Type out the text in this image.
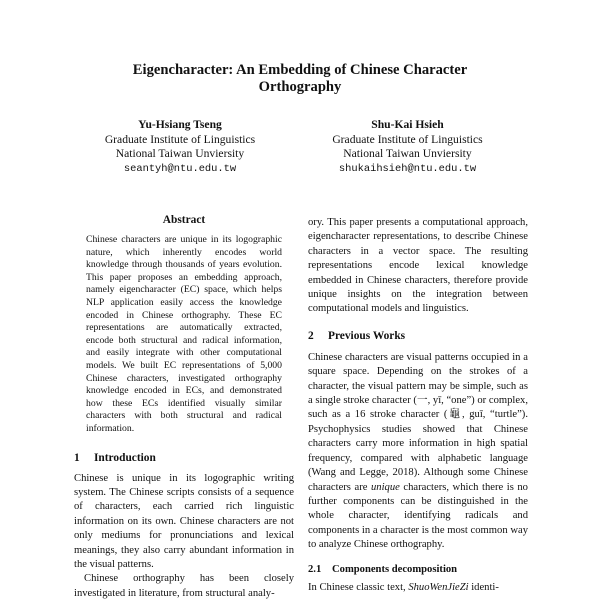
Eigencharacter: An Embedding of Chinese Character
Orthography
Yu-Hsiang Tseng
Graduate Institute of Linguistics
National Taiwan Unviersity
seantyh@ntu.edu.tw
Shu-Kai Hsieh
Graduate Institute of Linguistics
National Taiwan Unviersity
shukaihsieh@ntu.edu.tw
Abstract

Chinese characters are unique in its logographic nature, which inherently encodes world knowledge through thousands of years evolution. This paper proposes an embedding approach, namely eigencharacter (EC) space, which helps NLP application easily access the knowledge encoded in Chinese orthography. These EC representations are automatically extracted, encode both structural and radical information, and easily integrate with other computational models. We built EC representations of 5,000 Chinese characters, investigated orthography knowledge encoded in ECs, and demonstrated how these ECs identified visually similar characters with both structural and radical information.

1 Introduction

Chinese is unique in its logographic writing system. The Chinese scripts consists of a sequence of characters, each carried rich linguistic information on its own. Chinese characters are not only mediums for pronunciations and lexical meanings, they also carry abundant information in the visual patterns.

Chinese orthography has been closely investigated in literature, from structural analy-

ory. This paper presents a computational approach, eigencharacter representations, to describe Chinese characters in a vector space. The resulting representations encode lexical knowledge embedded in Chinese characters, therefore provide unique insights on the integration between computational models and linguistics.

2 Previous Works

Chinese characters are visual patterns occupied in a square space. Depending on the strokes of a character, the visual pattern may be simple, such as a single stroke character (一, yī, “one”) or complex, such as a 16 stroke character (龜, guī, “turtle”). Psychophysics studies showed that Chinese characters carry more information in high spatial frequency, compared with alphabetic language (Wang and Legge, 2018). Although some Chinese characters are unique characters, which there is no further components can be distinguished in the whole character, identifying radicals and components in a character is the most common way to analyze Chinese orthography.

2.1 Components decomposition

In Chinese classic text, ShuoWenJieZi identi-
